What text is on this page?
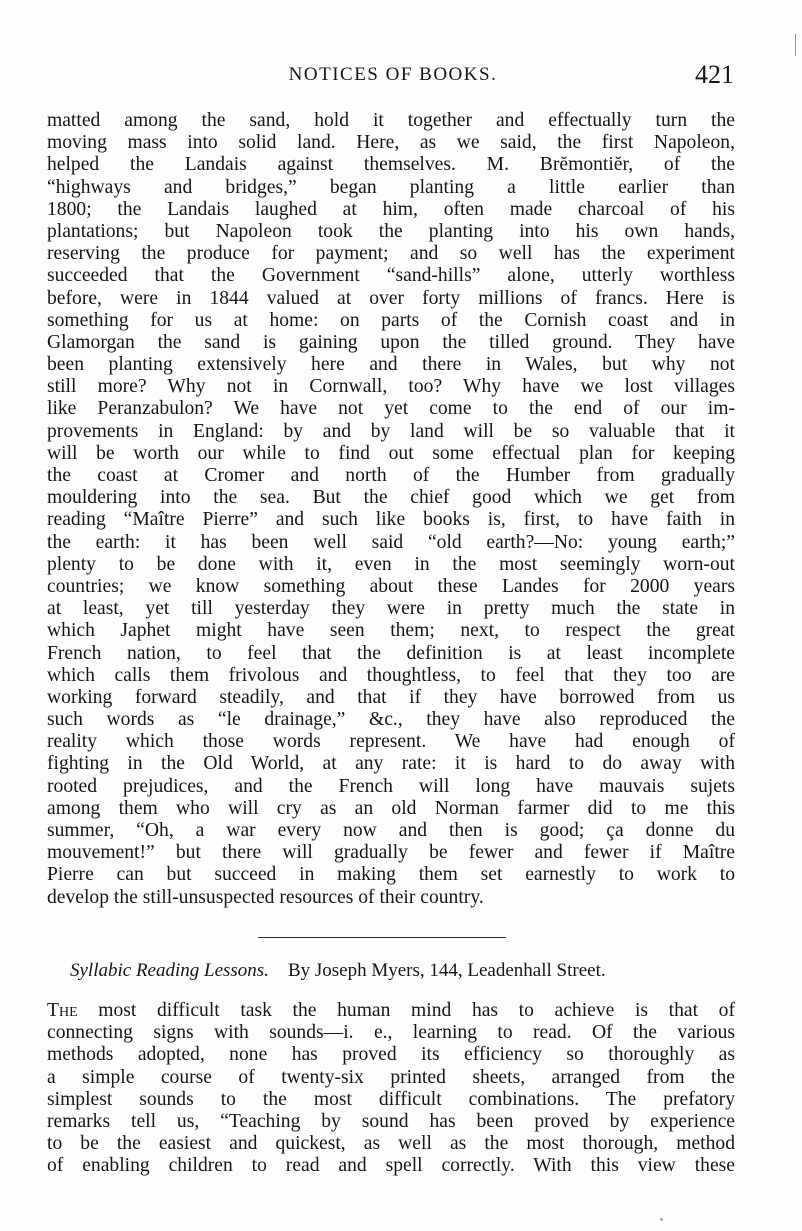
NOTICES OF BOOKS.	421
matted among the sand, hold it together and effectually turn the
moving mass into solid land. Here, as we said, the first Napoleon,
helped the Landais against themselves. M. Brĕmontiĕr, of the
“highways and bridges,” began planting a little earlier than
1800; the Landais laughed at him, often made charcoal of his
plantations; but Napoleon took the planting into his own hands,
reserving the produce for payment; and so well has the experiment
succeeded that the Government “sand-hills” alone, utterly worthless
before, were in 1844 valued at over forty millions of francs. Here is
something for us at home: on parts of the Cornish coast and in
Glamorgan the sand is gaining upon the tilled ground. They have
been planting extensively here and there in Wales, but why not
still more? Why not in Cornwall, too? Why have we lost villages
like Peranzabulon? We have not yet come to the end of our im-
provements in England: by and by land will be so valuable that it
will be worth our while to find out some effectual plan for keeping
the coast at Cromer and north of the Humber from gradually
mouldering into the sea. But the chief good which we get from
reading “Maître Pierre” and such like books is, first, to have faith in
the earth: it has been well said “old earth?—No: young earth;”
plenty to be done with it, even in the most seemingly worn-out
countries; we know something about these Landes for 2000 years
at least, yet till yesterday they were in pretty much the state in
which Japhet might have seen them; next, to respect the great
French nation, to feel that the definition is at least incomplete
which calls them frivolous and thoughtless, to feel that they too are
working forward steadily, and that if they have borrowed from us
such words as “le drainage,” &c., they have also reproduced the
reality which those words represent. We have had enough of
fighting in the Old World, at any rate: it is hard to do away with
rooted prejudices, and the French will long have mauvais sujets
among them who will cry as an old Norman farmer did to me this
summer, “Oh, a war every now and then is good; ça donne du
mouvement!” but there will gradually be fewer and fewer if Maître
Pierre can but succeed in making them set earnestly to work to
develop the still-unsuspected resources of their country.
Syllabic Reading Lessons. By Joseph Myers, 144, Leadenhall Street.
The most difficult task the human mind has to achieve is that of
connecting signs with sounds—i. e., learning to read. Of the various
methods adopted, none has proved its efficiency so thoroughly as
a simple course of twenty-six printed sheets, arranged from the
simplest sounds to the most difficult combinations. The prefatory
remarks tell us, “Teaching by sound has been proved by experience
to be the easiest and quickest, as well as the most thorough, method
of enabling children to read and spell correctly. With this view these
